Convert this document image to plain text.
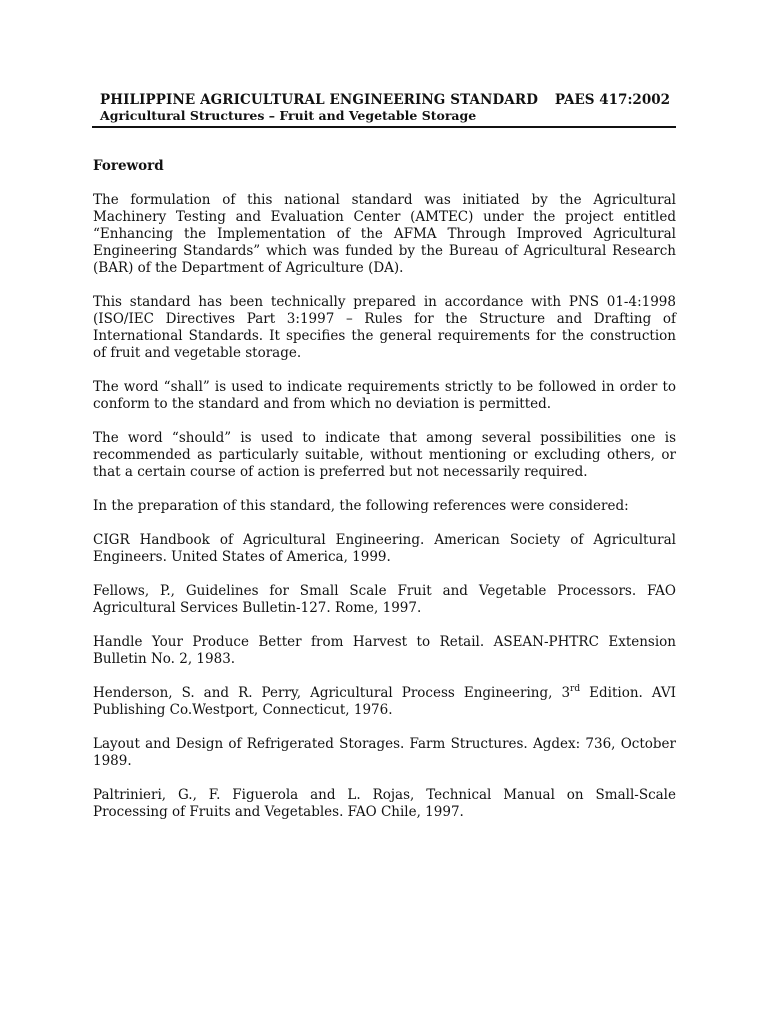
PHILIPPINE AGRICULTURAL ENGINEERING STANDARD PAES 417:2002
Agricultural Structures – Fruit and Vegetable Storage
Foreword

The formulation of this national standard was initiated by the Agricultural Machinery Testing and Evaluation Center (AMTEC) under the project entitled “Enhancing the Implementation of the AFMA Through Improved Agricultural Engineering Standards” which was funded by the Bureau of Agricultural Research (BAR) of the Department of Agriculture (DA).

This standard has been technically prepared in accordance with PNS 01-4:1998 (ISO/IEC Directives Part 3:1997 – Rules for the Structure and Drafting of International Standards. It specifies the general requirements for the construction of fruit and vegetable storage.

The word “shall” is used to indicate requirements strictly to be followed in order to conform to the standard and from which no deviation is permitted.

The word “should” is used to indicate that among several possibilities one is recommended as particularly suitable, without mentioning or excluding others, or that a certain course of action is preferred but not necessarily required.

In the preparation of this standard, the following references were considered:

CIGR Handbook of Agricultural Engineering. American Society of Agricultural Engineers. United States of America, 1999.

Fellows, P., Guidelines for Small Scale Fruit and Vegetable Processors. FAO Agricultural Services Bulletin-127. Rome, 1997.

Handle Your Produce Better from Harvest to Retail. ASEAN-PHTRC Extension Bulletin No. 2, 1983.

Henderson, S. and R. Perry, Agricultural Process Engineering, 3rd Edition. AVI Publishing Co.Westport, Connecticut, 1976.

Layout and Design of Refrigerated Storages. Farm Structures. Agdex: 736, October 1989.

Paltrinieri, G., F. Figuerola and L. Rojas, Technical Manual on Small-Scale Processing of Fruits and Vegetables. FAO Chile, 1997.
